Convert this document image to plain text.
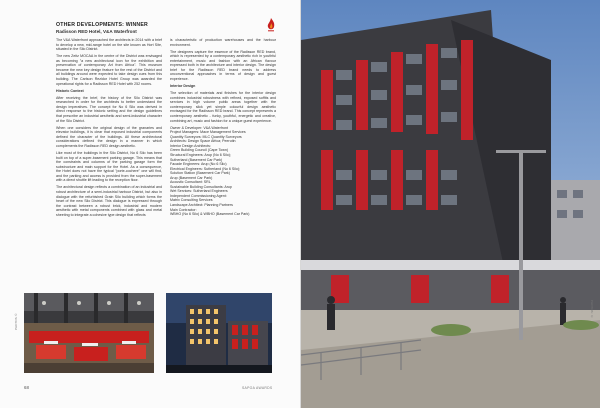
OTHER DEVELOPMENTS: WINNER
Radisson RED Hotel, V&A Waterfront

The V&A Waterfront approached the architects in 2014 with a brief to develop a new, mid-range hotel on the site known as Hort Site, situated in the Silo District.

The new Zeitz MOCAA in the centre of the District was envisaged as becoming "a new architectural icon for the exhibition and preservation of contemporary Art from Africa". This museum became the new key design feature for the rest of the District and all buildings around were expected to take design cues from this building. The Carlson Rezidor Hotel Group was awarded the operational rights for a Radisson RED Hotel with 252 rooms.

Historic Context

After receiving the brief, the history of the Silo District was researched in order for the architects to better understand the design imperatives. The concept for No 6 Silo was derived in direct response to the historic setting and the design guidelines that prescribe an industrial aesthetic and semi-industrial character of the Silo District.

When one considers the original design of the granaries and elevator buildings, it is clear that exposed industrial components defined the character of the buildings. All these architectural considerations defined the design in a manner in which complements the Radisson RED design aesthetic.

Like most of the buildings in the Silo District, No 6 Silo has been built on top of a super-basement parking garage. This means that the constraints and columns of the parking garage form the substructure and main support for the Hotel. As a consequence, the Hotel does not have the typical "porte-cochere" one will find, and the parking and access is provided from the super-basement with a direct shuttle lift leading to the reception floor.

The architectural design reflects a combination of an industrial and robust architecture of a semi-industrial harbour District, but also in dialogue with the refurbished Grain Silo building which forms the heart of the new Silo District. This dialogue is expressed through the contrast between a robust brick, industrial and modern aesthetic with metal components combined with glass and metal sheeting to integrate a cohesive type design that reflects

is characteristic of production warehouses and the harbour environment.

The designers capture the essence of the Radisson RED brand, which is represented by a contemporary aesthetic rich in youthful entertainment, music and fashion with an African flavour expressed both in the architecture and interior design. The design brief for the Radisson RED brand needs to address unconventional approaches in terms of design and guest experience.

Interior Design

The selection of materials and finishes for the interior design combines industrial robustness with refined, exposed soffits and services in high volume public areas together with the contemporary slick yet simple colourful design aesthetic envisaged for the Radisson RED brand. This concept represents a contemporary aesthetic - funky, youthful, energetic and creative, combining art, music and fashion for a unique guest experience.

Owner & Developer: V&A Waterfront

Project Managers: Mace Management Services

Quantity Surveyors: MLC Quantity Surveyors

Architects: Design Space Africa; Peerutin

Interior Design Architects:

Green Building Council (Cape Town)

Structural Engineers: Arup (No 6 Silo);

Sutherland (Basement Car Park)

Facade Engineers: Arup (No 6 Silo)

Electrical Engineers: Sutherland (No 6 Silo);

Solution Station (Basement Car Park)

Arup (Basement Car Park)

Acoustic Consultant: SRL

Sustainable Building Consultants: Arup

Wet Services: Sutherland Engineers

Independent Commissioning Agent:

Matrix Consulting Services

Landscape Architect: Planning Partners

Main Contractor:

WBHO (No 6 Silo) & WBHO (Basement Car Park)

PHOTOS: ©
68	SAPOA AWARDS
PHOTOS: ©
